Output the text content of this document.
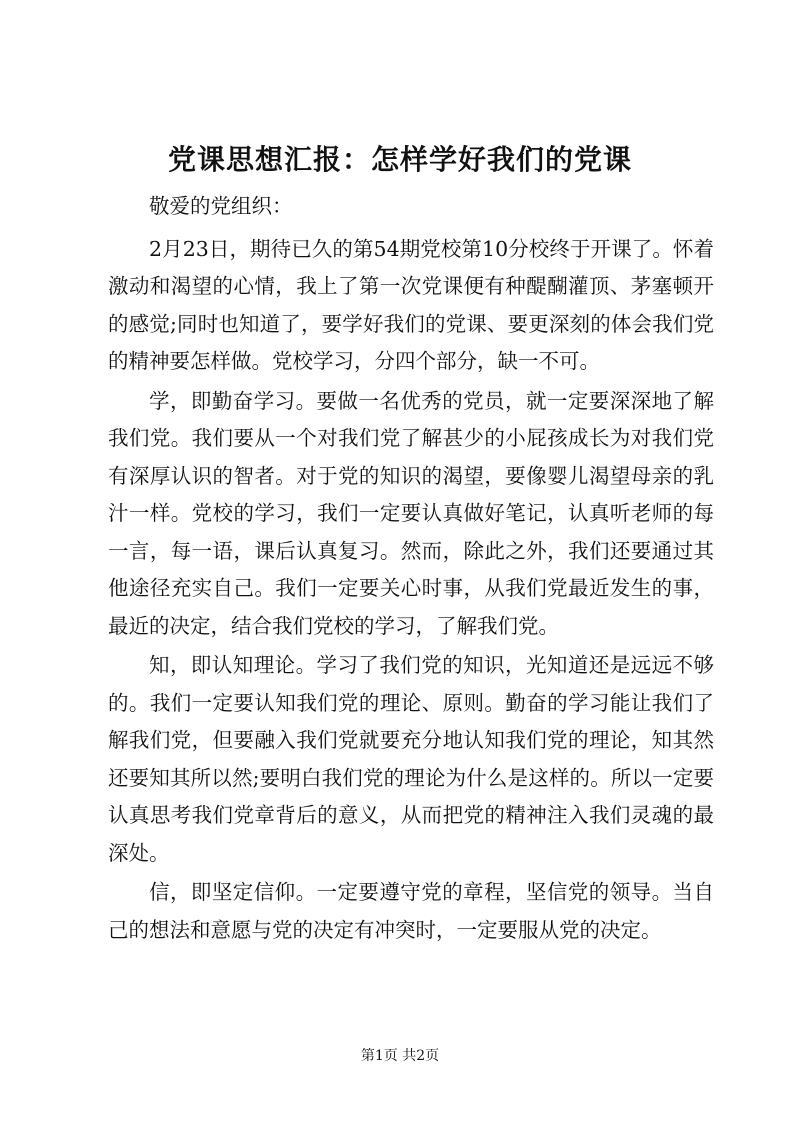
党课思想汇报：怎样学好我们的党课

敬爱的党组织：

2月23日，期待已久的第54期党校第10分校终于开课了。怀着激动和渴望的心情，我上了第一次党课便有种醍醐灌顶、茅塞顿开的感觉;同时也知道了，要学好我们的党课、要更深刻的体会我们党的精神要怎样做。党校学习，分四个部分，缺一不可。

学，即勤奋学习。要做一名优秀的党员，就一定要深深地了解我们党。我们要从一个对我们党了解甚少的小屁孩成长为对我们党有深厚认识的智者。对于党的知识的渴望，要像婴儿渴望母亲的乳汁一样。党校的学习，我们一定要认真做好笔记，认真听老师的每一言，每一语，课后认真复习。然而，除此之外，我们还要通过其他途径充实自己。我们一定要关心时事，从我们党最近发生的事，最近的决定，结合我们党校的学习，了解我们党。

知，即认知理论。学习了我们党的知识，光知道还是远远不够的。我们一定要认知我们党的理论、原则。勤奋的学习能让我们了解我们党，但要融入我们党就要充分地认知我们党的理论，知其然还要知其所以然;要明白我们党的理论为什么是这样的。所以一定要认真思考我们党章背后的意义，从而把党的精神注入我们灵魂的最深处。

信，即坚定信仰。一定要遵守党的章程，坚信党的领导。当自己的想法和意愿与党的决定有冲突时，一定要服从党的决定。

第1页 共2页
